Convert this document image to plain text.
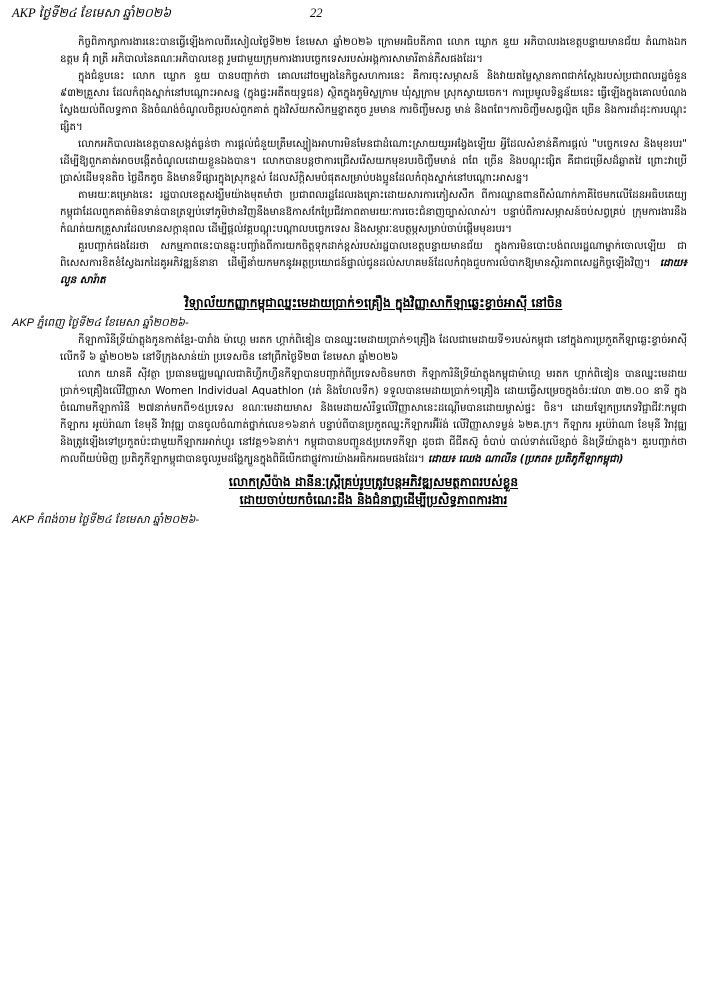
AKP ថ្ងៃទី២៤ ខែមេសា ឆ្នាំ២០២៦	22

កិច្ចពិភាក្សាការងារនេះបានធ្វើឡើងកាលពីរសៀលថ្ងៃទី២២ ខែមេសា ឆ្នាំ២០២៦ ក្រោមអធិបតីភាព លោក ឃ្លោក នួយ អភិបាលរងខេត្តបន្ទាយមានជ័យ តំណាងឯកឧត្តម អ៊ុំ រាត្រី អភិបាលនៃគណៈអភិបាលខេត្ត រួមជាមួយក្រុមការងារបច្ចេកទេសរបស់អង្គការសាមារីតាន់ភឺសផងដែរ។

ក្នុងជំនួបនេះ លោក ឃ្លោក នួយ បានបញ្ជាក់ថា គោលដៅចម្បងនៃកិច្ចសហការនេះ គឺការចុះសម្ភាសន៍ និងវាយតម្លៃស្ថានភាពជាក់ស្តែងរបស់ប្រជាពលរដ្ឋចំនួន ៩៣២គ្រួសារ ដែលកំពុងស្នាក់នៅបណ្តោះអាសន្ន (ក្នុងផ្ទះអតីតយុទ្ធជន) ស្ថិតក្នុងភូមិស្លក្រាម ឃុំស្លក្រាម ស្រុកស្វាយចេក។ ការប្រមូលទិន្នន័យនេះ ធ្វើឡើងក្នុងគោលបំណងស្វែងយល់ពីលទ្ធភាព និងចំណង់ចំណូលចិត្តរបស់ពួកគាត់ ក្នុងវិស័យកសិកម្មខ្នាតតូច រួមមាន ការចិញ្ចឹមសត្វ មាន់ និងពពែ។ការចិញ្ចឹមសត្វល្អិត ច្រើន និងការដាំដុះការបណ្តុះផ្សិត។

លោកអភិបាលរងខេត្តបានសង្កត់ធ្ងន់ថា ការផ្តល់ជំនួយត្រឹមស្បៀងអាហារមិនមែនជាដំណោះស្រាយយូរអង្វែងឡើយ អ្វីដែលសំខាន់គឺការផ្តល់ "បច្ចេកទេស និងមុខរបរ" ដើម្បីឱ្យពួកគាត់អាចបង្កើតចំណូលដោយខ្លួនឯងបាន។ លោកបានបន្តថាការជ្រើសរើសយកមុខរបរចិញ្ចឹមមាន់ ពពែ ច្រើន និងបណ្តុះផ្សិត គឺជាជម្រើសដ៏ឆ្លាតវៃ ព្រោះវាប្រើប្រាស់ដើមទុនតិច ថ្លៃដឹកតូច និងមានទីផ្សារក្នុងស្រុកខ្ពស់ ដែលស័ក្តិសមបំផុតសម្រាប់បងប្អូនដែលកំពុងស្នាក់នៅបណ្តោះអាសន្ន។

តាមរយៈគម្រោងនេះ រដ្ឋបាលខេត្តសង្ឃឹមយ៉ាងមុតមាំថា ប្រជាពលរដ្ឋដែលរងគ្រោះដោយសារការភៀសសឹក ពីការឈ្លានពានពីសំណាក់ភាគីថៃមកលើដែនអធិបតេយ្យកម្ពុជាដែលពួកគាត់មិនទាន់បានត្រឡប់ទៅភូមិឋានវិញនឹងមានឱកាសកែប្រែជីវភាពតាមរយៈការចេះជំនាញច្បាស់លាស់។ បន្ទាប់ពីការសម្ភាសន៍ចប់សព្វគ្រប់ ក្រុមការងារនឹងកំណត់យកគ្រួសារដែលមានសក្តានុពល ដើម្បីផ្តល់វគ្គបណ្តុះបណ្តាលបច្ចេកទេស និងសម្ភារៈឧបត្ថម្ភសម្រាប់ចាប់ផ្តើមមុខរបរ។

គួរបញ្ជាក់ផងដែរថា សកម្មភាពនេះបានឆ្លុះបញ្ចាំងពីការយកចិត្តទុកដាក់ខ្ពស់របស់រដ្ឋបាលខេត្តបន្ទាយមានជ័យ ក្នុងការមិនបោះបង់ពលរដ្ឋណាម្នាក់ចោលឡើយ ជាពិសេសការខិតខំស្វែងរកដៃគូអភិវឌ្ឍន៍នានា ដើម្បីនាំយកមកនូវអត្ថប្រយោជន៍ផ្ទាល់ជូនដល់សហគមន៍ដែលកំពុងជួបការលំបាកឱ្យមានស្ថិរភាពសេដ្ឋកិច្ចឡើងវិញ។ ដោយ៖ លួន សារ៉ាត

វិទ្យាល័យកញ្ញាកម្ពុជាឈ្នះមេដាយប្រាក់១គ្រឿង ក្នុងវិញ្ញាសាកីឡាឆ្លេះខ្វាច់អាស៊ី នៅចិន
AKP ភ្នំពេញ ថ្ងៃទី២៤ ខែមេសា ឆ្នាំ២០២៦-

កីឡាការិនីទ្រីយ៉ាត្លុងកូនកាត់ខ្មែរ-បារាំង ម៉ាហ្គេ មរតក ហ្គាក់ពិឌៀន បានឈ្នះមេដាយប្រាក់១គ្រឿង ដែលជាមេដាយទី១របស់កម្ពុជា នៅក្នុងការប្រកួតកីឡាឆ្លេះខ្វាច់អាស៊ី លើកទី ៦ ឆ្នាំ២០២៦ នៅទីក្រុងសាន់យ៉ា ប្រទេសចិន នៅព្រឹកថ្ងៃទី២៣ ខែមេសា ឆ្នាំ២០២៦

លោក យានគី ស៊ីវត្ថា ប្រធានមជ្ឈមណ្ឌលជាតិហ្វឹកហ្វឺនកីឡាបានបញ្ជាក់ពីប្រទេសចិនមកថា កីឡាការិនីទ្រីយ៉ាត្លុងកម្ពុជាម៉ាហ្គេ មរតក ហ្គាក់ពិឌៀន បានឈ្នះមេដាយប្រាក់១គ្រឿងលើវិញ្ញាសា Women Individual Aquathlon (រត់ និងហែលទឹក) ទទួលបានមេដាយប្រាក់១គ្រឿង ដោយធ្វើសម្រេចក្នុងចំរ:វេលា ៣២.០០ នាទី ក្នុងចំណោមកីឡាការិនី ២៧នាក់មកពី១៥ប្រទេស ខណៈមេដាយមាស និងមេដាយសំរឹទ្ធលើវិញ្ញាសានេះដណ្តើមបានដោយម្ចាស់ផ្ទះ ចិន។ ដោយឡែកប្រភេទវិជ្ជាជីវៈកម្ពុជា កីឡាករ អូប៉េរ៉ាណា ខែមុនី វិរាវុធ្ឍ បានចូលចំណាត់ថ្នាក់លេខ១៦នាក់ បន្ទាប់ពីបានប្រកួតឈ្នះកីឡាករអ៊ីរ៉ង់ លើវិញ្ញាសាទម្ងន់ ៦២គ.ក្រ។ កីឡាករ អូប៉េរ៉ាណា ខែមុនី វិរាវុធ្ឍ និងត្រូវឡើងទៅប្រកួតប៉ះជាមួយកីឡាករអាក់ហ្វូរ នៅវគ្គ១៦នាក់។ កម្ពុជាបានបញ្ជូន៥ប្រភេទកីឡា ដូចជា ជីជីតស៊ូ ចំបាប់ បាល់ទាត់លើខ្សាច់ និងទ្រីយ៉ាត្លុង។ គួរបញ្ជាក់ថា កាលពីយប់មិញ ប្រតិភូកីឡាកម្ពុជាបានចូលរួមដង្ហែក្បួនក្នុងពិធីបើកជាផ្លូវការយ៉ាងអធិកអធមផងដែរ។ ដោយ៖ ឈេង ណាលីន (ប្រភព៖ ប្រតិភូកីឡាកម្ពុជា)

លោកស្រីប៉ាង ដានីនៈស្ត្រីគ្រប់រូបត្រូវបន្តអភិវឌ្ឍសមត្ថភាពរបស់ខ្លួន
ដោយចាប់យកចំណេះដឹង និងជំនាញដើម្បីប្រសិទ្ធភាពការងារ
AKP កំពង់ចាម ថ្ងៃទី២៤ ខែមេសា ឆ្នាំ២០២៦-
